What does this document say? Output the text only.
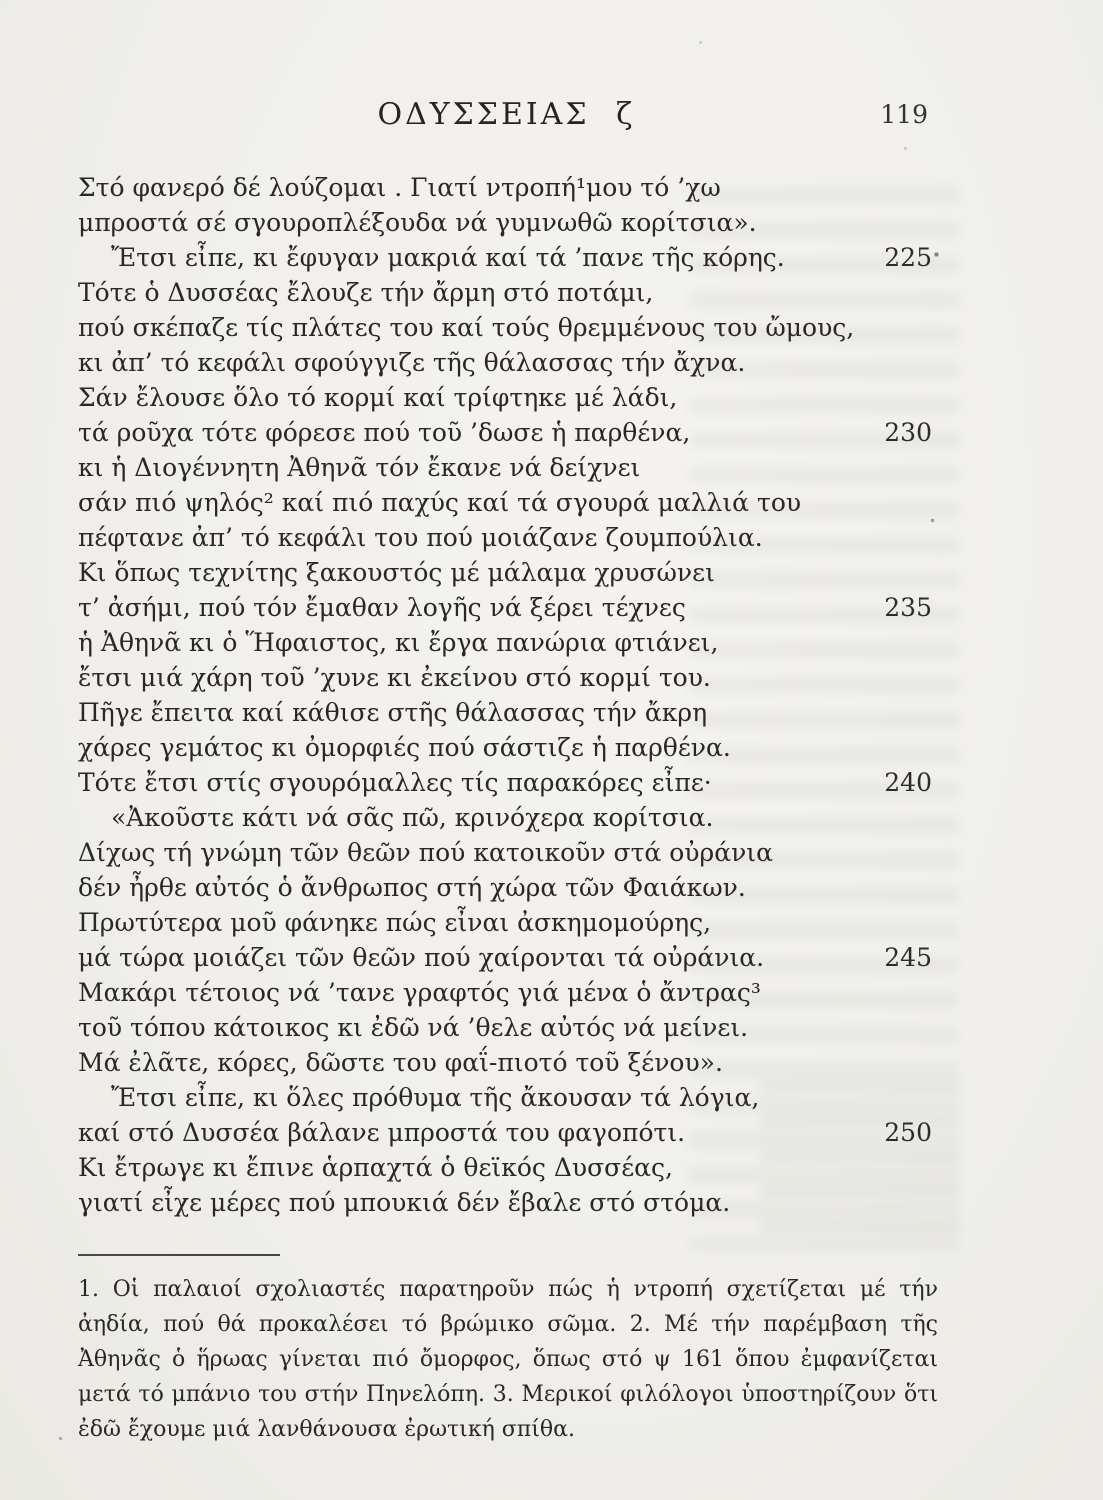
ΟΔΥΣΣΕΙΑΣ ζ	119
Στό φανερό δέ λούζομαι . Γιατί ντροπή¹μου τό ’χω
μπροστά σέ σγουροπλέξουδα νά γυμνωθῶ κορίτσια».
Ἔτσι εἶπε, κι ἔφυγαν μακριά καί τά ’πανε τῆς κόρης.	225
Τότε ὁ Δυσσέας ἔλουζε τήν ἄρμη στό ποτάμι,
πού σκέπαζε τίς πλάτες του καί τούς θρεμμένους του ὤμους,
κι ἀπ’ τό κεφάλι σφούγγιζε τῆς θάλασσας τήν ἄχνα.
Σάν ἔλουσε ὅλο τό κορμί καί τρίφτηκε μέ λάδι,
τά ροῦχα τότε φόρεσε πού τοῦ ’δωσε ἡ παρθένα,	230
κι ἡ Διογέννητη Ἀθηνᾶ τόν ἔκανε νά δείχνει
σάν πιό ψηλός² καί πιό παχύς καί τά σγουρά μαλλιά του
πέφτανε ἀπ’ τό κεφάλι του πού μοιάζανε ζουμπούλια.
Κι ὅπως τεχνίτης ξακουστός μέ μάλαμα χρυσώνει
τ’ ἀσήμι, πού τόν ἔμαθαν λογῆς νά ξέρει τέχνες	235
ἡ Ἀθηνᾶ κι ὁ Ἥφαιστος, κι ἔργα πανώρια φτιάνει,
ἔτσι μιά χάρη τοῦ ’χυνε κι ἐκείνου στό κορμί του.
Πῆγε ἔπειτα καί κάθισε στῆς θάλασσας τήν ἄκρη
χάρες γεμάτος κι ὀμορφιές πού σάστιζε ἡ παρθένα.
Τότε ἔτσι στίς σγουρόμαλλες τίς παρακόρες εἶπε·	240
«Ἀκοῦστε κάτι νά σᾶς πῶ, κρινόχερα κορίτσια.
Δίχως τή γνώμη τῶν θεῶν πού κατοικοῦν στά οὐράνια
δέν ἦρθε αὐτός ὁ ἄνθρωπος στή χώρα τῶν Φαιάκων.
Πρωτύτερα μοῦ φάνηκε πώς εἶναι ἀσκημομούρης,
μά τώρα μοιάζει τῶν θεῶν πού χαίρονται τά οὐράνια.	245
Μακάρι τέτοιος νά ’τανε γραφτός γιά μένα ὁ ἄντρας³
τοῦ τόπου κάτοικος κι ἐδῶ νά ’θελε αὐτός νά μείνει.
Μά ἐλᾶτε, κόρες, δῶστε του φαΐ-πιοτό τοῦ ξένου».
Ἔτσι εἶπε, κι ὅλες πρόθυμα τῆς ἄκουσαν τά λόγια,
καί στό Δυσσέα βάλανε μπροστά του φαγοπότι.	250
Κι ἔτρωγε κι ἔπινε ἁρπαχτά ὁ θεϊκός Δυσσέας,
γιατί εἶχε μέρες πού μπουκιά δέν ἔβαλε στό στόμα.
1. Οἱ παλαιοί σχολιαστές παρατηροῦν πώς ἡ ντροπή σχετίζεται μέ τήν ἀηδία, πού θά προκαλέσει τό βρώμικο σῶμα. 2. Μέ τήν παρέμβαση τῆς Ἀθηνᾶς ὁ ἥρωας γίνεται πιό ὄμορφος, ὅπως στό ψ 161 ὅπου ἐμφανίζεται μετά τό μπάνιο του στήν Πηνελόπη. 3. Μερικοί φιλόλογοι ὑποστηρίζουν ὅτι ἐδῶ ἔχουμε μιά λανθάνουσα ἐρωτική σπίθα.
